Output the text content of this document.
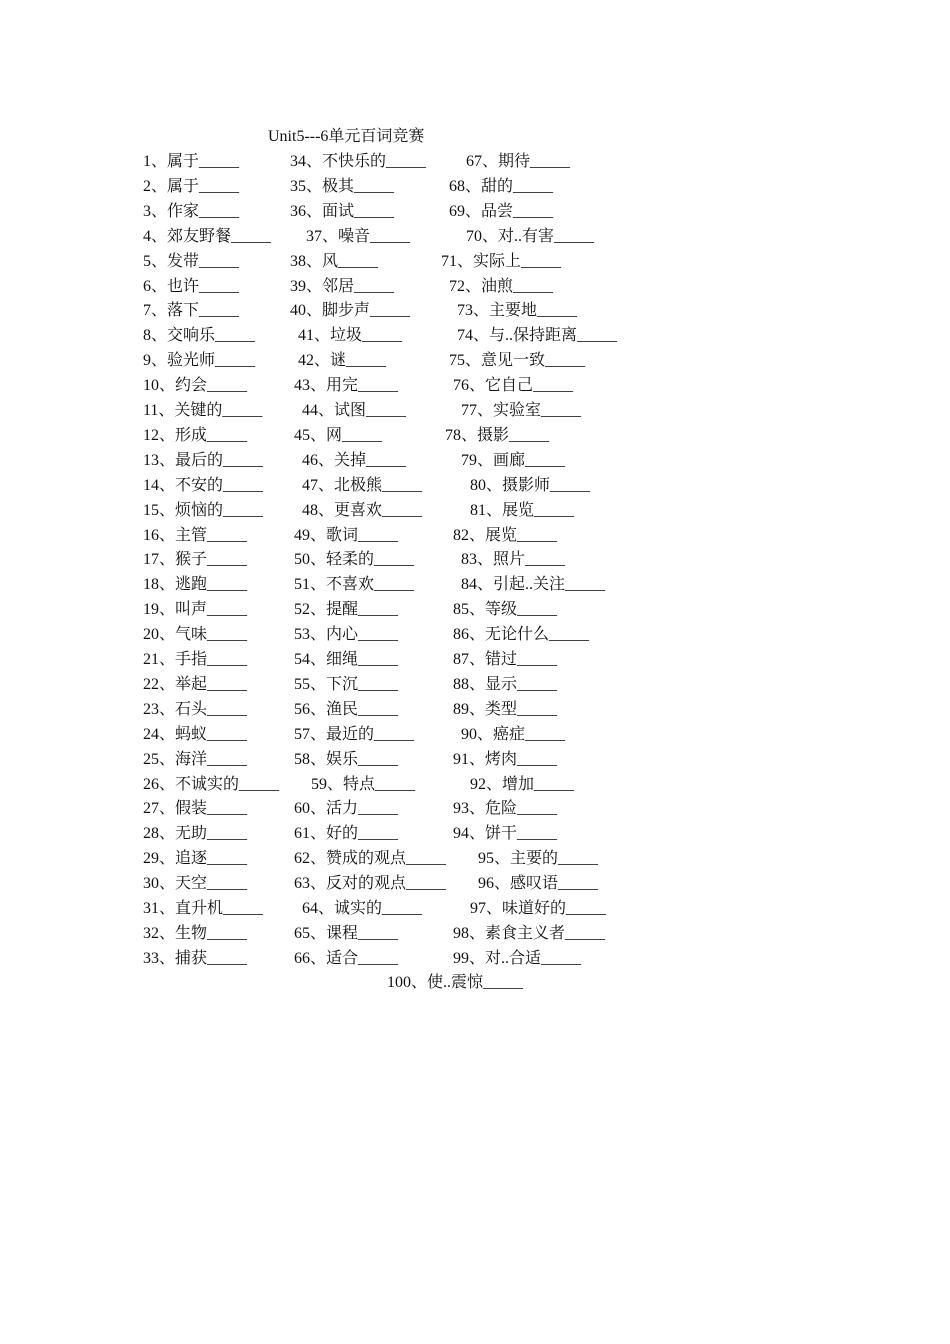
Unit5---6单元百词竞赛
1、属于_____	34、不快乐的_____ 67、期待_____
2、属于_____	35、极其_____	68、甜的_____
3、作家_____	36、面试_____	69、品尝_____
4、郊友野餐_____ 37、噪音_____	70、对..有害_____
5、发带_____	38、风_____	71、实际上_____
6、也许_____	39、邻居_____	72、油煎_____
7、落下_____	40、脚步声_____	73、主要地_____
8、交响乐_____	41、垃圾_____	74、与..保持距离_____
9、验光师_____	42、谜_____	75、意见一致_____
10、约会_____	43、用完_____	76、它自己_____
11、关键的_____ 44、试图_____	77、实验室_____
12、形成_____	45、网_____	78、摄影_____
13、最后的_____ 46、关掉_____	79、画廊_____
14、不安的_____ 47、北极熊_____	80、摄影师_____
15、烦恼的_____ 48、更喜欢_____	81、展览_____
16、主管_____	49、歌词_____	82、展览_____
17、猴子_____	50、轻柔的_____	83、照片_____
18、逃跑_____	51、不喜欢_____	84、引起..关注_____
19、叫声_____	52、提醒_____	85、等级_____
20、气味_____	53、内心_____	86、无论什么_____
21、手指_____	54、细绳_____	87、错过_____
22、举起_____	55、下沉_____	88、显示_____
23、石头_____	56、渔民_____	89、类型_____
24、蚂蚁_____	57、最近的_____	90、癌症_____
25、海洋_____	58、娱乐_____	91、烤肉_____
26、不诚实的_____ 59、特点_____	92、增加_____
27、假装_____	60、活力_____	93、危险_____
28、无助_____	61、好的_____	94、饼干_____
29、追逐_____	62、赞成的观点_____ 95、主要的_____
30、天空_____	63、反对的观点_____ 96、感叹语_____
31、直升机_____ 64、诚实的_____	97、味道好的_____
32、生物_____	65、课程_____	98、素食主义者_____
33、捕获_____	66、适合_____	99、对..合适_____
100、使..震惊_____
